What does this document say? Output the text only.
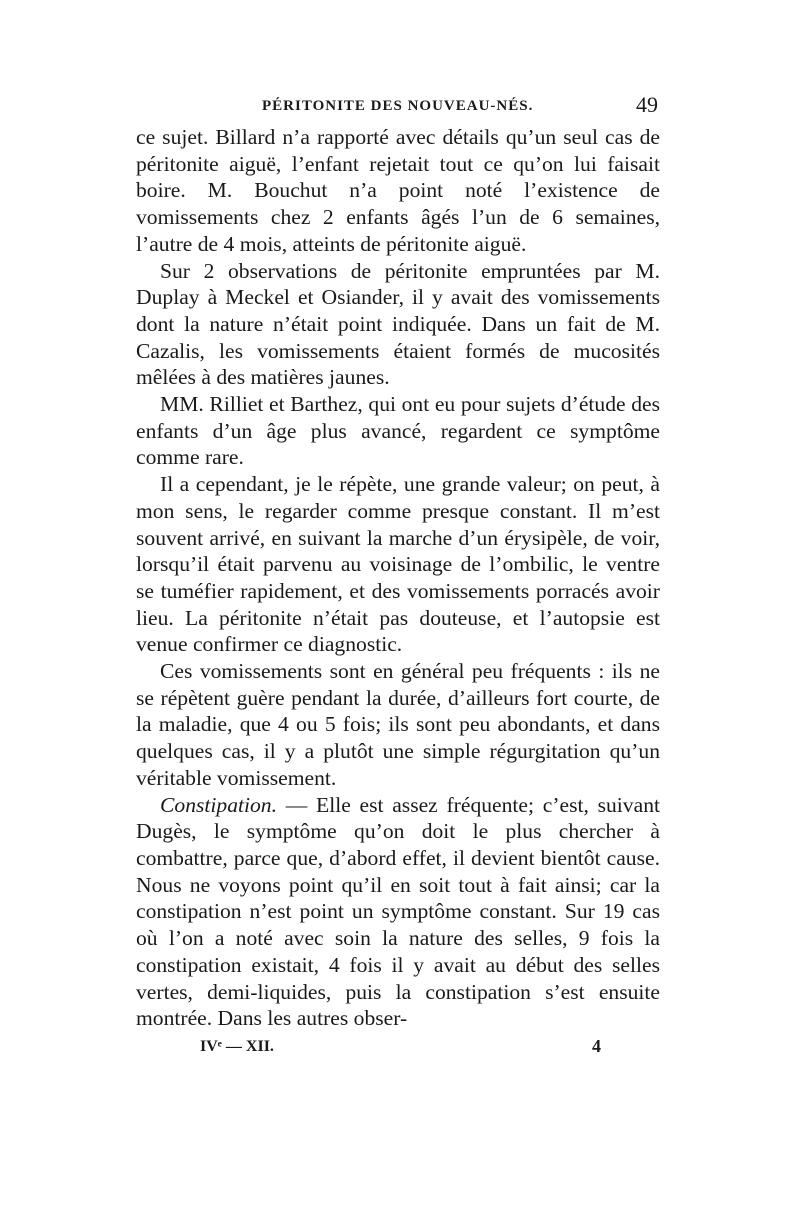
PÉRITONITE DES NOUVEAU-NÉS.	49

ce sujet. Billard n’a rapporté avec détails qu’un seul cas de péritonite aiguë, l’enfant rejetait tout ce qu’on lui faisait boire. M. Bouchut n’a point noté l’existence de vomissements chez 2 enfants âgés l’un de 6 semaines, l’autre de 4 mois, atteints de péritonite aiguë.

Sur 2 observations de péritonite empruntées par M. Duplay à Meckel et Osiander, il y avait des vomissements dont la nature n’était point indiquée. Dans un fait de M. Cazalis, les vomissements étaient formés de mucosités mêlées à des matières jaunes.

MM. Rilliet et Barthez, qui ont eu pour sujets d’étude des enfants d’un âge plus avancé, regardent ce symptôme comme rare.

Il a cependant, je le répète, une grande valeur; on peut, à mon sens, le regarder comme presque constant. Il m’est souvent arrivé, en suivant la marche d’un érysipèle, de voir, lorsqu’il était parvenu au voisinage de l’ombilic, le ventre se tuméfier rapidement, et des vomissements porracés avoir lieu. La péritonite n’était pas douteuse, et l’autopsie est venue confirmer ce diagnostic.

Ces vomissements sont en général peu fréquents : ils ne se répètent guère pendant la durée, d’ailleurs fort courte, de la maladie, que 4 ou 5 fois; ils sont peu abondants, et dans quelques cas, il y a plutôt une simple régurgitation qu’un véritable vomissement.

Constipation. — Elle est assez fréquente; c’est, suivant Dugès, le symptôme qu’on doit le plus chercher à combattre, parce que, d’abord effet, il devient bientôt cause. Nous ne voyons point qu’il en soit tout à fait ainsi; car la constipation n’est point un symptôme constant. Sur 19 cas où l’on a noté avec soin la nature des selles, 9 fois la constipation existait, 4 fois il y avait au début des selles vertes, demi-liquides, puis la constipation s’est ensuite montrée. Dans les autres obser-

IVᵉ — XII.	4
